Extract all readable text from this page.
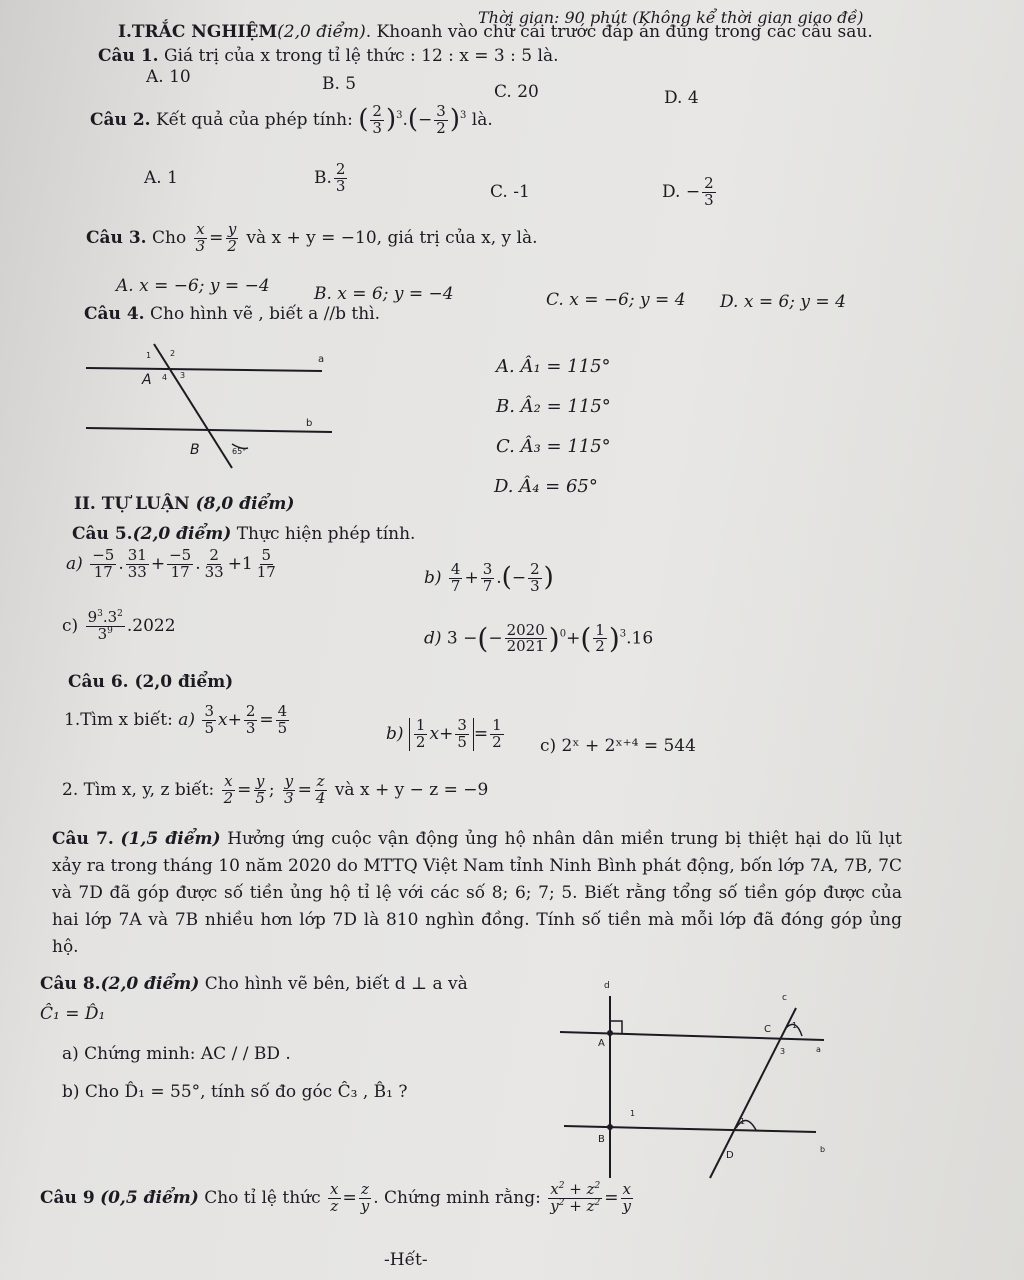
Thời gian: 90 phút (Không kể thời gian giao đề)
I.TRẮC NGHIỆM(2,0 điểm). Khoanh vào chữ cái trước đáp án đúng trong các câu sau.
Câu 1. Giá trị của x trong tỉ lệ thức : 12 : x = 3 : 5 là.
A. 10	B. 5	C. 20	D. 4
Câu 2. Kết quả của phép tính: ( $\frac{2}{3} )^3.(- \frac{3}{2} )^3$ là.
A. 1	B. $\frac{2}{3}$	C. -1	D. − $\frac{2}{3}$
Câu 3. Cho $\frac{x}{3} = \frac{y}{2}$ và x + y = −10, giá trị của x, y là.
A. x = −6; y = −4	B. x = 6; y = −4	C. x = −6; y = 4 D. x = 6; y = 4
Câu 4. Cho hình vẽ , biết a //b thì.
a
b
A
B
1 2
3
4
65°
A. Â₁ = 115°
B. Â₂ = 115°
C. Â₃ = 115°
D. Â₄ = 65°
II. TỰ LUẬN (8,0 điểm)
Câu 5.(2,0 điểm) Thực hiện phép tính.
$a) \frac{-5}{17}$ . $\frac{31}{33} + \frac{-5}{17}$ . $\frac{2}{33} +1 \frac{5}{17}$	$b) \frac{4}{7} + \frac{3}{7}$ .(− $\frac{2}{3}$ )
$c) \frac{9^3.3^2}{3^9} .2022$
d) 3 −(− $\frac{2020}{2021} )^0+( \frac{1}{2} )^3.16$
Câu 6. (2,0 điểm)
1.Tìm x biết: $a) \frac{3}{5} x+ \frac{2}{3} = \frac{4}{5}$	$b) \frac{1}{2} x+ \frac{3}{5} = \frac{1}{2} c$) 2ˣ + 2ˣ⁺⁴ = 544
2. Tìm x, y, z biết: $\frac{x}{2} = \frac{y}{5}$ ; $\frac{y}{3} = \frac{z}{4}$ và x + y − z = −9
Câu 7. (1,5 điểm) Hưởng ứng cuộc vận động ủng hộ nhân dân miền trung bị thiệt hại do lũ lụt xảy ra trong tháng 10 năm 2020 do MTTQ Việt Nam tỉnh Ninh Bình phát động, bốn lớp 7A, 7B, 7C và 7D đã góp được số tiền ủng hộ tỉ lệ với các số 8; 6; 7; 5. Biết rằng tổng số tiền góp được của hai lớp 7A và 7B nhiều hơn lớp 7D là 810 nghìn đồng. Tính số tiền mà mỗi lớp đã đóng góp ủng hộ.
Câu 8.(2,0 điểm) Cho hình vẽ bên, biết d ⊥ a và
Ĉ₁ = D̂₁
a) Chứng minh: AC / / BD .
b) Cho D̂₁ = 55°, tính số đo góc Ĉ₃ , B̂₁ ?
d
c
a
b
A
B
C
D
1
3
1
1
Câu 9 (0,5 điểm) Cho tỉ lệ thức $\frac{x}{z} = \frac{z}{y}$ . Chứng minh rằng: $\frac{x^2 + z^2}{y^2 + z^2} = \frac{x}{y}$
-Hết-
